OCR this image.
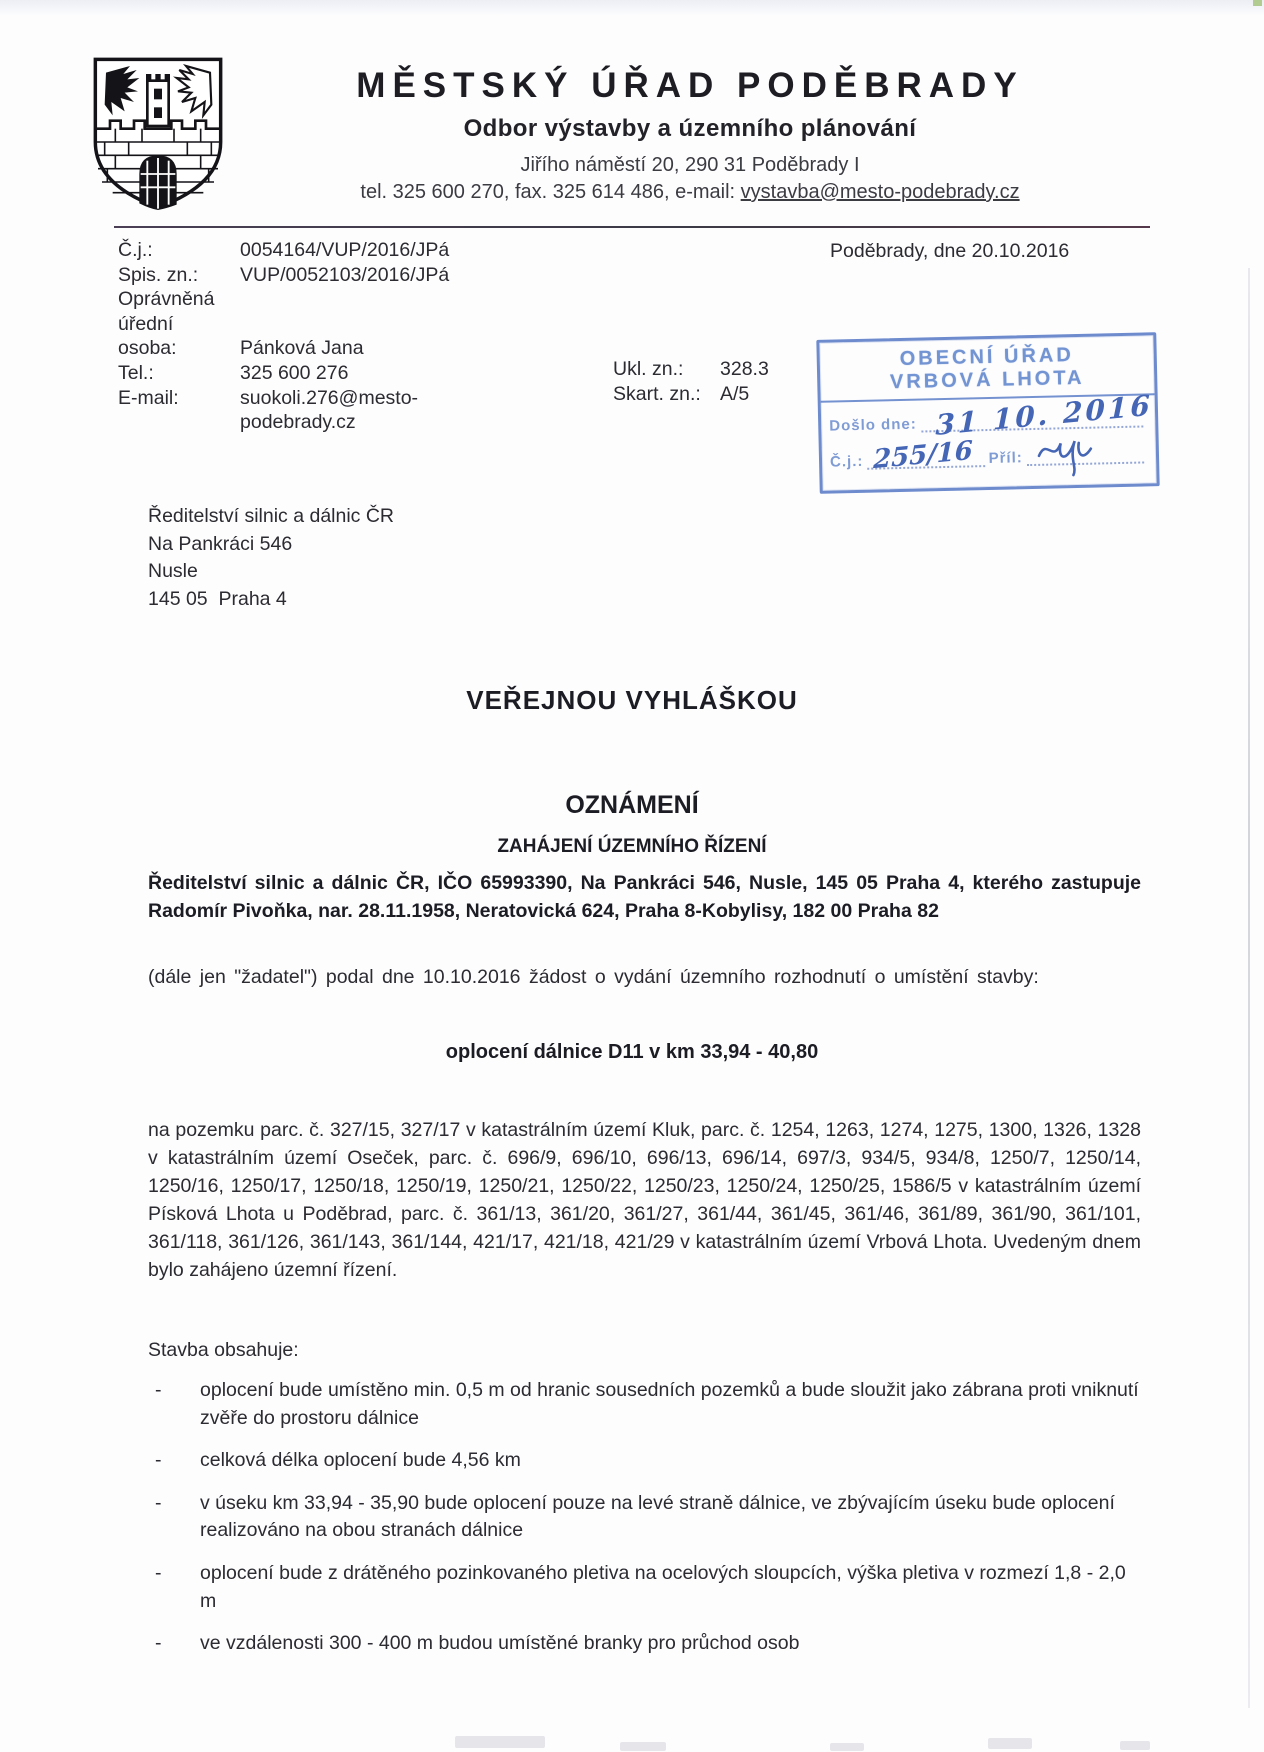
MĚSTSKÝ ÚŘAD PODĚBRADY
Odbor výstavby a územního plánování
Jiřího náměstí 20, 290 31 Poděbrady I
tel. 325 600 270, fax. 325 614 486, e-mail: vystavba@mesto-podebrady.cz
Č.j.:	0054164/VUP/2016/JPá
Spis. zn.: VUP/0052103/2016/JPá
Oprávněná
úřední
osoba:	Pánková Jana
Tel.:	325 600 276
E-mail:	suokoli.276@mesto-
podebrady.cz
Ukl. zn.: 328.3
Skart. zn.: A/5
Poděbrady, dne 20.10.2016
OBECNÍ ÚŘAD
VRBOVÁ LHOTA
Došlo dne: 31 10. 2016
Č.j.: 255/16 Příl:
Ředitelství silnic a dálnic ČR
Na Pankráci 546
Nusle
145 05  Praha 4
VEŘEJNOU VYHLÁŠKOU
OZNÁMENÍ
ZAHÁJENÍ ÚZEMNÍHO ŘÍZENÍ
Ředitelství silnic a dálnic ČR, IČO 65993390, Na Pankráci 546, Nusle, 145 05 Praha 4, kterého zastupuje Radomír Pivoňka, nar. 28.11.1958, Neratovická 624, Praha 8-Kobylisy, 182 00 Praha 82
(dále jen "žadatel") podal dne 10.10.2016 žádost o vydání územního rozhodnutí o umístění stavby:
oplocení dálnice D11 v km 33,94 - 40,80
na pozemku parc. č. 327/15, 327/17 v katastrálním území Kluk, parc. č. 1254, 1263, 1274, 1275, 1300, 1326, 1328 v katastrálním území Oseček, parc. č. 696/9, 696/10, 696/13, 696/14, 697/3, 934/5, 934/8, 1250/7, 1250/14, 1250/16, 1250/17, 1250/18, 1250/19, 1250/21, 1250/22, 1250/23, 1250/24, 1250/25, 1586/5 v katastrálním území Písková Lhota u Poděbrad, parc. č. 361/13, 361/20, 361/27, 361/44, 361/45, 361/46, 361/89, 361/90, 361/101, 361/118, 361/126, 361/143, 361/144, 421/17, 421/18, 421/29 v katastrálním území Vrbová Lhota. Uvedeným dnem bylo zahájeno územní řízení.
Stavba obsahuje:
- oplocení bude umístěno min. 0,5 m od hranic sousedních pozemků a bude sloužit jako zábrana proti vniknutí zvěře do prostoru dálnice
- celková délka oplocení bude 4,56 km
- v úseku km 33,94 - 35,90 bude oplocení pouze na levé straně dálnice, ve zbývajícím úseku bude oplocení realizováno na obou stranách dálnice
- oplocení bude z drátěného pozinkovaného pletiva na ocelových sloupcích, výška pletiva v rozmezí 1,8 - 2,0 m
- ve vzdálenosti 300 - 400 m budou umístěné branky pro průchod osob
